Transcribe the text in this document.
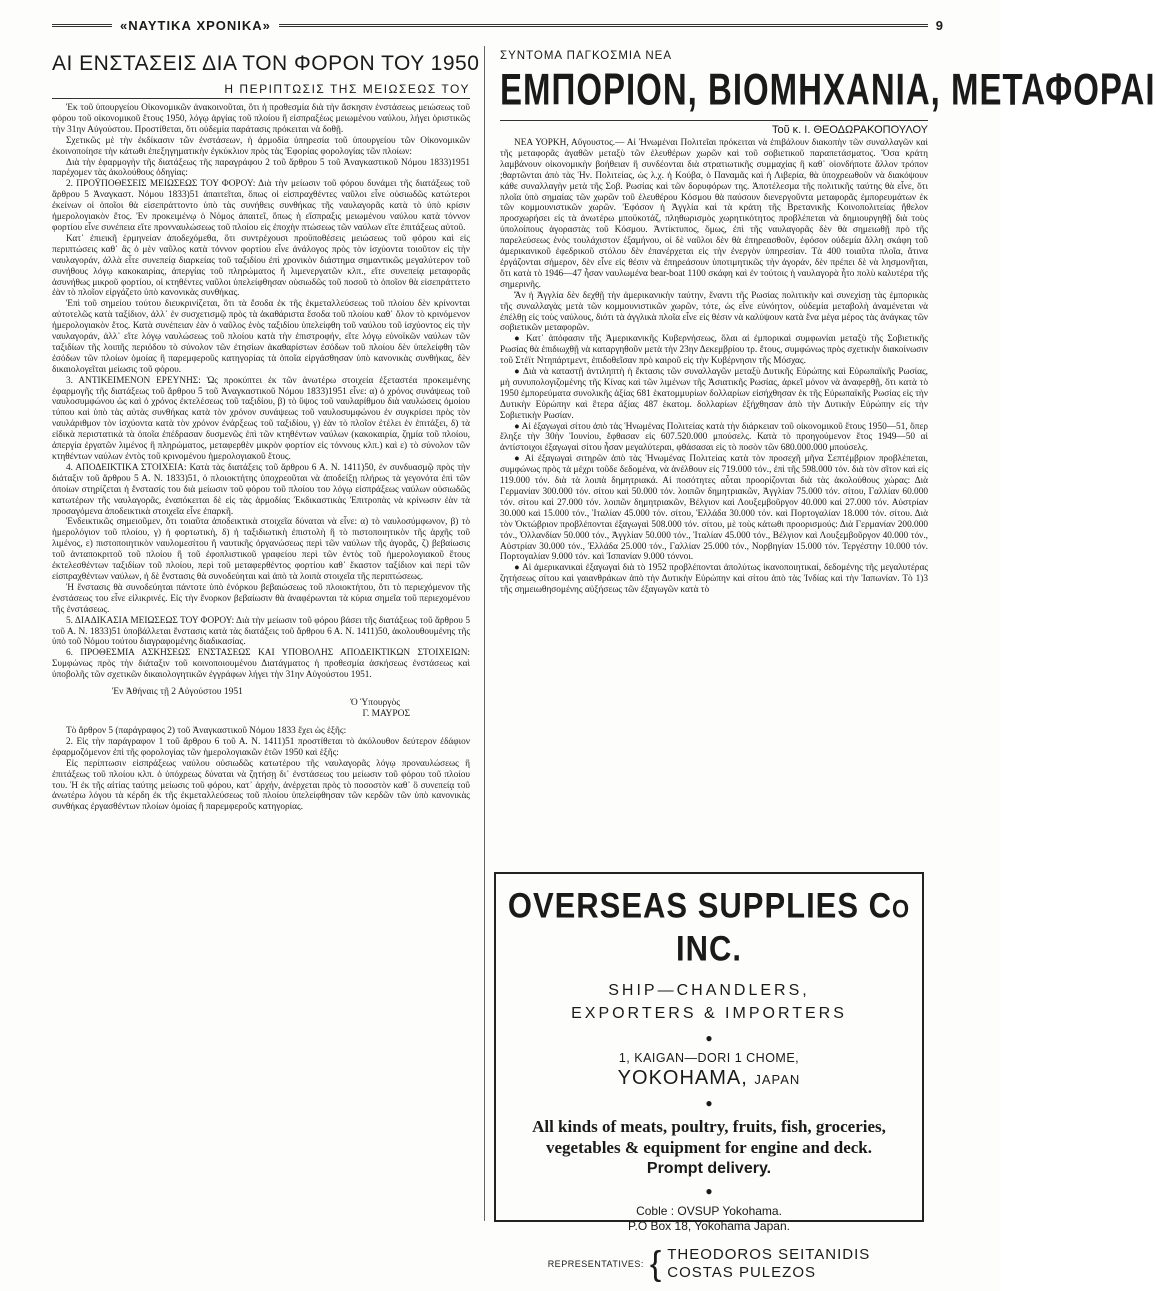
«ΝΑΥΤΙΚΑ ΧΡΟΝΙΚΑ»	9
ΑΙ ΕΝΣΤΑΣΕΙΣ ΔΙΑ ΤΟΝ ΦΟΡΟΝ ΤΟΥ 1950
Η ΠΕΡΙΠΤΩΣΙΣ ΤΗΣ ΜΕΙΩΣΕΩΣ ΤΟΥ

Ἐκ τοῦ ὑπουργείου Οἰκονομικῶν ἀνακοινοῦται, ὅτι ἡ προθεσμία διὰ τὴν ἄσκησιν ἐνστάσεως μειώσεως τοῦ φόρου τοῦ οἰκονομικοῦ ἔτους 1950, λόγῳ ἀργίας τοῦ πλοίου ἢ εἰσπραξέως μειωμένου ναύλου, λήγει ὁριστικῶς τὴν 31ην Αὐγούστου. Προστίθεται, ὅτι οὐδεμία παράτασις πρόκειται νὰ δοθῇ.

Σχετικῶς μὲ τὴν ἐκδίκασιν τῶν ἐνστάσεων, ἡ ἁρμοδία ὑπηρεσία τοῦ ὑπουργείου τῶν Οἰκονομικῶν ἐκοινοποίησε τὴν κάτωθι ἐπεξηγηματικὴν ἐγκύκλιον πρὸς τὰς Ἐφορίας φορολογίας τῶν πλοίων:

Διὰ τὴν ἐφαρμογὴν τῆς διατάξεως τῆς παραγράφου 2 τοῦ ἄρθρου 5 τοῦ Ἀναγκαστικοῦ Νόμου 1833)1951 παρέχομεν τὰς ἀκολούθους ὁδηγίας:

2. ΠΡΟΫΠΟΘΕΣΕΙΣ ΜΕΙΩΣΕΩΣ ΤΟΥ ΦΟΡΟΥ: Διὰ τὴν μείωσιν τοῦ φόρου δυνάμει τῆς διατάξεως τοῦ ἄρθρου 5 Ἀναγκαστ. Νόμου 1833)51 ἀπαιτεῖται, ὅπως οἱ εἰσπραχθέντες ναῦλοι εἶνε οὐσιωδῶς κατώτεροι ἐκείνων οἱ ὁποῖοι θὰ εἰσεπράττοντο ὑπὸ τὰς συνήθεις συνθήκας τῆς ναυλαγορᾶς κατὰ τὸ ὑπὸ κρίσιν ἡμερολογιακὸν ἔτος. Ἐν προκειμένῳ ὁ Νόμος ἀπαιτεῖ, ὅπως ἡ εἴσπραξις μειωμένου ναύλου κατὰ τόννον φορτίου εἶνε συνέπεια εἴτε προνναυλώσεως τοῦ πλοίου εἰς ἐποχὴν πτώσεως τῶν ναύλων εἴτε ἐπιτάξεως αὐτοῦ.

Κατ᾽ ἐπιεικῆ ἑρμηνείαν ἀποδεχόμεθα, ὅτι συντρέχουσι προϋποθέσεις μειώσεως τοῦ φόρου καὶ εἰς περιπτώσεις καθ᾽ ἃς ὁ μὲν ναῦλος κατὰ τόννον φορτίου εἶνε ἀνάλογος πρὸς τὸν ἰσχύοντα τοιοῦτον εἰς τὴν ναυλαγοράν, ἀλλὰ εἶτε συνεπείᾳ διαρκείας τοῦ ταξιδίου ἐπὶ χρονικὸν διάστημα σημαντικῶς μεγαλύτερον τοῦ συνήθους λόγῳ κακοκαιρίας, ἀπεργίας τοῦ πληρώματος ἢ λιμενεργατῶν κλπ., εἴτε συνεπείᾳ μεταφορᾶς ἀσυνήθως μικροῦ φορτίου, οἱ κτηθέντες ναῦλοι ὑπελείφθησαν οὐσιωδῶς τοῦ ποσοῦ τὸ ὁποῖον θὰ εἰσεπράττετο ἐὰν τὸ πλοῖον εἰργάζετο ὑπὸ κανονικὰς συνθήκας.

Ἐπὶ τοῦ σημείου τούτου διευκρινίζεται, ὅτι τὰ ἔσοδα ἐκ τῆς ἐκμεταλλεύσεως τοῦ πλοίου δὲν κρίνονται αὐτοτελῶς κατὰ ταξίδιον, ἀλλ᾽ ἐν συσχετισμῷ πρὸς τὰ ἀκαθάριστα ἔσοδα τοῦ πλοίου καθ᾽ ὅλον τὸ κρινόμενον ἡμερολογιακὸν ἔτος. Κατὰ συνέπειαν ἐὰν ὁ ναῦλος ἑνὸς ταξιδίου ὑπελείφθη τοῦ ναύλου τοῦ ἰσχύοντος εἰς τὴν ναυλαγοράν, ἀλλ᾽ εἴτε λόγῳ ναυλώσεως τοῦ πλοίου κατὰ τὴν ἐπιστροφήν, εἴτε λόγῳ εὐνοϊκῶν ναύλων τῶν ταξιδίων τῆς λοιπῆς περιόδου τὸ σύνολον τῶν ἐτησίων ἀκαθαρίστων ἐσόδων τοῦ πλοίου δὲν ὑπελείφθη τῶν ἐσόδων τῶν πλοίων ὁμοίας ἢ παρεμφεροῦς κατηγορίας τὰ ὁποῖα εἰργάσθησαν ὑπὸ κανονικὰς συνθήκας, δὲν δικαιολογεῖται μείωσις τοῦ φόρου.

3. ΑΝΤΙΚΕΙΜΕΝΟΝ ΕΡΕΥΝΗΣ: Ὡς προκύπτει ἐκ τῶν ἀνωτέρω στοιχεία ἐξεταστέα προκειμένης ἐφαρμογῆς τῆς διατάξεως τοῦ ἄρθρου 5 τοῦ Ἀναγκαστικοῦ Νόμου 1833)1951 εἶνε: α) ὁ χρόνος συνάψεως τοῦ ναυλοσυμφώνου ὡς καὶ ὁ χρόνος ἐκτελέσεως τοῦ ταξιδίου, β) τὸ ὕψος τοῦ ναυλαρίθμου διὰ ναυλώσεις ὁμοίου τύπου καὶ ὑπὸ τὰς αὐτὰς συνθήκας κατὰ τὸν χρόνον συνάψεως τοῦ ναυλοσυμφώνου ἐν συγκρίσει πρὸς τὸν ναυλάριθμον τὸν ἰσχύοντα κατὰ τὸν χρόνον ἐνάρξεως τοῦ ταξιδίου, γ) ἐὰν τὸ πλοῖον ἐτέλει ἐν ἐπιτάξει, δ) τὰ εἰδικὰ περιστατικὰ τὰ ὁποῖα ἐπέδρασαν δυσμενῶς ἐπὶ τῶν κτηθέντων ναύλων (κακοκαιρία, ζημία τοῦ πλοίου, ἀπεργία ἐργατῶν λιμένος ἢ πληρώματος, μεταφερθὲν μικρὸν φορτίον εἰς τόννους κλπ.) καὶ ε) τὸ σύνολον τῶν κτηθέντων ναύλων ἐντὸς τοῦ κρινομένου ἡμερολογιακοῦ ἔτους.

4. ΑΠΟΔΕΙΚΤΙΚΑ ΣΤΟΙΧΕΙΑ: Κατὰ τὰς διατάξεις τοῦ ἄρθρου 6 Α. Ν. 1411)50, ἐν συνδυασμῷ πρὸς τὴν διάταξιν τοῦ ἄρθρου 5 Α. Ν. 1833)51, ὁ πλοιοκτήτης ὑποχρεοῦται νὰ ἀποδείξῃ πλήρως τὰ γεγονότα ἐπὶ τῶν ὁποίων στηρίζεται ἡ ἔνστασίς του διὰ μείωσιν τοῦ φόρου τοῦ πλοίου του λόγῳ εἰσπράξεως ναύλων οὐσιωδῶς κατωτέρων τῆς ναυλαγορᾶς, ἐναπόκειται δὲ εἰς τὰς ἁρμοδίας Ἐκδικαστικὰς Ἐπιτροπὰς νὰ κρίνωσιν ἐὰν τὰ προσαγόμενα ἀποδεικτικὰ στοιχεῖα εἶνε ἐπαρκῆ.

Ἐνδεικτικῶς σημειοῦμεν, ὅτι τοιαῦτα ἀποδεικτικὰ στοιχεῖα δύναται νὰ εἶνε: α) τὸ ναυλοσύμφωνον, β) τὸ ἡμερολόγιον τοῦ πλοίου, γ) ἡ φορτωτικὴ, δ) ἡ ταξιδιωτικὴ ἐπιστολὴ ἢ τὸ πιστοποιητικὸν τῆς ἀρχῆς τοῦ λιμένος, ε) πιστοποιητικὸν ναυλομεσίτου ἢ ναυτικῆς ὀργανώσεως περὶ τῶν ναύλων τῆς ἀγορᾶς, ζ) βεβαίωσις τοῦ ἀνταποκριτοῦ τοῦ πλοίου ἢ τοῦ ἐφοπλιστικοῦ γραφείου περὶ τῶν ἐντὸς τοῦ ἡμερολογιακοῦ ἔτους ἐκτελεσθέντων ταξιδίων τοῦ πλοίου, περὶ τοῦ μεταφερθέντος φορτίου καθ᾽ ἕκαστον ταξίδιον καὶ περὶ τῶν εἰσπραχθέντων ναύλων, ἡ δὲ ἔνστασις θὰ συνοδεύηται καὶ ἀπὸ τὰ λοιπὰ στοιχεῖα τῆς περιπτώσεως.

Ἡ ἔνστασις θὰ συνοδεύηται πάντοτε ὑπὸ ἐνόρκου βεβαιώσεως τοῦ πλοιοκτήτου, ὅτι τὸ περιεχόμενον τῆς ἐνστάσεως του εἶνε εἰλικρινές. Εἰς τὴν ἔνορκον βεβαίωσιν θὰ ἀναφέρωνται τὰ κύρια σημεῖα τοῦ περιεχομένου τῆς ἐνστάσεως.

5. ΔΙΑΔΙΚΑΣΙΑ ΜΕΙΩΣΕΩΣ ΤΟΥ ΦΟΡΟΥ: Διὰ τὴν μείωσιν τοῦ φόρου βάσει τῆς διατάξεως τοῦ ἄρθρου 5 τοῦ Α. Ν. 1833)51 ὑποβάλλεται ἔνστασις κατὰ τὰς διατάξεις τοῦ ἄρθρου 6 Α. Ν. 1411)50, ἀκολουθουμένης τῆς ὑπὸ τοῦ Νόμου τούτου διαγραφομένης διαδικασίας.

6. ΠΡΟΘΕΣΜΙΑ ΑΣΚΗΣΕΩΣ ΕΝΣΤΑΣΕΩΣ ΚΑΙ ΥΠΟΒΟΛΗΣ ΑΠΟΔΕΙΚΤΙΚΩΝ ΣΤΟΙΧΕΙΩΝ: Συμφώνως πρὸς τὴν διάταξιν τοῦ κοινοποιουμένου Διατάγματος ἡ προθεσμία ἀσκήσεως ἐνστάσεως καὶ ὑποβολῆς τῶν σχετικῶν δικαιολογητικῶν ἐγγράφων λήγει τὴν 31ην Αὐγούστου 1951.

Ἐν Ἀθήναις τῇ 2 Αὐγούστου 1951
Ὁ Ὑπουργὸς
Γ. ΜΑΥΡΟΣ

Τὸ ἄρθρον 5 (παράγραφος 2) τοῦ Ἀναγκαστικοῦ Νόμου 1833 ἔχει ὡς ἑξῆς:

2. Εἰς τὴν παράγραφον 1 τοῦ ἄρθρου 6 τοῦ Α. Ν. 1411)51 προστίθεται τὸ ἀκόλουθον δεύτερον ἐδάφιον ἐφαρμοζόμενον ἐπὶ τῆς φορολογίας τῶν ἡμερολογιακῶν ἐτῶν 1950 καὶ ἑξῆς:

Εἰς περίπτωσιν εἰσπράξεως ναύλου οὐσιωδῶς κατωτέρου τῆς ναυλαγορᾶς λόγῳ προναυλώσεως ἢ ἐπιτάξεως τοῦ πλοίου κλπ. ὁ ὑπόχρεως δύναται νὰ ζητήσῃ δι᾽ ἐνστάσεως του μείωσιν τοῦ φόρου τοῦ πλοίου του. Ἡ ἐκ τῆς αἰτίας ταύτης μείωσις τοῦ φόρου, κατ᾽ ἀρχήν, ἀνέρχεται πρὸς τὸ ποσοστὸν καθ᾽ ὃ συνεπείᾳ τοῦ ἀνωτέρω λόγου τὰ κέρδη ἐκ τῆς ἐκμεταλλεύσεως τοῦ πλοίου ὑπελείφθησαν τῶν κερδῶν τῶν ὑπὸ κανονικὰς συνθήκας ἐργασθέντων πλοίων ὁμοίας ἢ παρεμφεροῦς κατηγορίας.

ΣΥΝΤΟΜΑ ΠΑΓΚΟΣΜΙΑ ΝΕΑ
ΕΜΠΟΡΙΟΝ, ΒΙΟΜΗΧΑΝΙΑ, ΜΕΤΑΦΟΡΑΙ
Τοῦ κ. Ι. ΘΕΟΔΩΡΑΚΟΠΟΥΛΟΥ

ΝΕΑ ΥΟΡΚΗ, Αὔγουστος.— Αἱ Ἡνωμέναι Πολιτεῖαι πρόκειται νὰ ἐπιβάλουν διακοπὴν τῶν συναλλαγῶν καὶ τῆς μεταφορᾶς ἀγαθῶν μεταξὺ τῶν ἐλευθέρων χωρῶν καὶ τοῦ σοβιετικοῦ παραπετάσματος. Ὅσα κράτη λαμβάνουν οἰκονομικὴν βοήθειαν ἢ συνδέονται διὰ στρατιωτικῆς συμμαχίας ἢ καθ᾽ οἱονδήποτε ἄλλον τρόπον ;θαρτῶνται ἀπὸ τὰς Ἡν. Πολιτείας, ὡς λ.χ. ἡ Κούβα, ὁ Παναμᾶς καὶ ἡ Λιβερία, θὰ ὑποχρεωθοῦν νὰ διακόψουν κάθε συναλλαγὴν μετὰ τῆς Σοβ. Ρωσίας καὶ τῶν δορυφόρων της. Ἀποτέλεσμα τῆς πολιτικῆς ταύτης θὰ εἶνε, ὅτι πλοῖα ὑπὸ σημαίας τῶν χωρῶν τοῦ ἐλευθέρου Κόσμου θὰ παύσουν διενεργοῦντα μεταφορᾶς ἐμπορευμάτων ἐκ τῶν κομμουνιστικῶν χωρῶν. Ἐφόσον ἡ Ἀγγλία καὶ τὰ κράτη τῆς Βρετανικῆς Κοινοπολιτείας ἤθελον προσχωρήσει εἰς τὰ ἀνωτέρω μποϋκοτάζ, πληθωρισμὸς χωρητικότητος προβλέπεται νὰ δημιουργηθῇ διὰ τοὺς ὑπολοίπους ἀγοραστὰς τοῦ Κόσμου. Ἀντίκτυπος, ὅμως, ἐπὶ τῆς ναυλαγορᾶς δὲν θὰ σημειωθῇ πρὸ τῆς παρελεύσεως ἑνὸς τουλάχιστον ἑξαμήνου, οἱ δὲ ναῦλοι δὲν θὰ ἐπηρεασθοῦν, ἐφόσον οὐδεμία ἄλλη σκάφη τοῦ ἀμερικανικοῦ ἐφεδρικοῦ στόλου δὲν ἐπανέρχεται εἰς τὴν ἐνεργὸν ὑπηρεσίαν. Τὰ 400 τοιαῦτα πλοῖα, ἄτινα ἐργάζονται σήμερον, δὲν εἶνε εἰς θέσιν νὰ ἐπηρεάσουν ὑποτιμητικῶς τὴν ἀγοράν, δὲν πρέπει δὲ νὰ λησμονῆται, ὅτι κατὰ τὸ 1946—47 ἦσαν ναυλωμένα bear-boat 1100 σκάφη καὶ ἐν τούτοις ἡ ναυλαγορὰ ἦτο πολὺ καλυτέρα τῆς σημερινῆς.

Ἄν ἡ Ἀγγλία δὲν δεχθῇ τὴν ἀμερικανικὴν ταύτην, ἔναντι τῆς Ρωσίας πολιτικὴν καὶ συνεχίσῃ τὰς ἐμπορικὰς τῆς συναλλαγὰς μετὰ τῶν κομμουνιστικῶν χωρῶν, τότε, ὡς εἶνε εὐνόητον, οὐδεμία μεταβολὴ ἀναμένεται νὰ ἐπέλθῃ εἰς τοὺς ναύλους, διότι τὰ ἀγγλικὰ πλοῖα εἶνε εἰς θέσιν νὰ καλύψουν κατὰ ἕνα μέγα μέρος τὰς ἀνάγκας τῶν σοβιετικῶν μεταφορῶν.

● Κατ᾽ ἀπόφασιν τῆς Ἀμερικανικῆς Κυβερνήσεως, ὅλαι αἱ ἐμπορικαὶ συμφωνίαι μεταξὺ τῆς Σοβιετικῆς Ρωσίας θὰ ἐπιδιωχθῇ νὰ καταργηθοῦν μετὰ τὴν 23ην Δεκεμβρίου τρ. ἔτους, συμφώνως πρὸς σχετικὴν διακοίνωσιν τοῦ Στέϊτ Ντηπάρτμεντ, ἐπιδοθεῖσαν πρὸ καιροῦ εἰς τὴν Κυβέρνησιν τῆς Μόσχας.

● Διὰ νὰ καταστῇ ἀντιληπτὴ ἡ ἔκτασις τῶν συναλλαγῶν μεταξὺ Δυτικῆς Εὐρώπης καὶ Εὐρωπαϊκῆς Ρωσίας, μὴ συνυπολογιζομένης τῆς Κίνας καὶ τῶν λιμένων τῆς Ἀσιατικῆς Ρωσίας, ἀρκεῖ μόνον νὰ ἀναφερθῇ, ὅτι κατὰ τὸ 1950 ἐμπορεύματα συνολικῆς ἀξίας 681 ἑκατομμυρίων δολλαρίων εἰσήχθησαν ἐκ τῆς Εὐρωπαϊκῆς Ρωσίας εἰς τὴν Δυτικὴν Εὐρώπην καὶ ἕτερα ἀξίας 487 ἑκατομ. δολλαρίων ἐξήχθησαν ἀπὸ τὴν Δυτικὴν Εὐρώπην εἰς τὴν Σοβιετικὴν Ρωσίαν.

● Αἱ ἐξαγωγαὶ σίτου ἀπὸ τὰς Ἡνωμένας Πολιτείας κατὰ τὴν διάρκειαν τοῦ οἰκονομικοῦ ἔτους 1950—51, ὅπερ ἔληξε τὴν 30ὴν Ἰουνίου, ἔφθασαν εἰς 607.520.000 μπούσελς. Κατὰ τὸ προηγούμενον ἔτος 1949—50 αἱ ἀντίστοιχοι ἐξαγωγαὶ σίτου ἦσαν μεγαλύτεραι, φθάσασαι εἰς τὸ ποσὸν τῶν 680.000.000 μπούσελς.

● Αἱ ἐξαγωγαὶ σιτηρῶν ἀπὸ τὰς Ἡνωμένας Πολιτείας κατὰ τὸν προσεχῆ μῆνα Σεπτέμβριον προβλέπεται, συμφώνως πρὸς τὰ μέχρι τοῦδε δεδομένα, νὰ ἀνέλθουν εἰς 719.000 τόν., ἐπὶ τῆς 598.000 τόν. διὰ τὸν σῖτον καὶ εἰς 119.000 τόν. διὰ τὰ λοιπὰ δημητριακά. Αἱ ποσότητες αὗται προορίζονται διὰ τὰς ἀκολούθους χώρας: Διὰ Γερμανίαν 300.000 τόν. σίτου καὶ 50.000 τόν. λοιπῶν δημητριακῶν, Ἀγγλίαν 75.000 τόν. σίτου, Γαλλίαν 60.000 τόν. σίτου καὶ 27.000 τόν. λοιπῶν δημητριακῶν, Βέλγιον καὶ Λουξεμβοῦργον 40.000 καὶ 27.000 τόν. Αὐστρίαν 30.000 καὶ 15.000 τόν., Ἰταλίαν 45.000 τόν. σίτου, Ἑλλάδα 30.000 τόν. καὶ Πορτογαλίαν 18.000 τόν. σίτου. Διὰ τὸν Ὀκτώβριον προβλέπονται ἐξαγωγαὶ 508.000 τόν. σίτου, μὲ τοὺς κάτωθι προορισμούς: Διὰ Γερμανίαν 200.000 τόν., Ὀλλανδίαν 50.000 τόν., Ἀγγλίαν 50.000 τόν., Ἰταλίαν 45.000 τόν., Βέλγιον καὶ Λουξεμβοῦργον 40.000 τόν., Αὐστρίαν 30.000 τόν., Ἑλλάδα 25.000 τόν., Γαλλίαν 25.000 τόν., Νορβηγίαν 15.000 τόν. Τεργέστην 10.000 τόν. Πορτογαλίαν 9.000 τόν. καὶ Ἰσπανίαν 9.000 τόννοι.

● Αἱ ἀμερικανικαὶ ἐξαγωγαὶ διὰ τὸ 1952 προβλέπονται ἀπολύτως ἱκανοποιητικαί, δεδομένης τῆς μεγαλυτέρας ζητήσεως σίτου καὶ γαιανθράκων ἀπὸ τὴν Δυτικὴν Εὐρώπην καὶ σίτου ἀπὸ τὰς Ἰνδίας καὶ τὴν Ἰαπωνίαν. Τὸ 1)3 τῆς σημειωθησομένης αὐξήσεως τῶν ἐξαγωγῶν κατὰ τὸ

OVERSEAS SUPPLIES CO INC.
SHIP—CHANDLERS,
EXPORTERS & IMPORTERS
●
1, KAIGAN—DORI 1 CHOME,
YOKOHAMA, JAPAN
●
All kinds of meats, poultry, fruits, fish, groceries, vegetables & equipment for engine and deck.
Prompt delivery.
●
Coble : OVSUP Yokohama.
P.O Box 18, Yokohama Japan.
REPRESENTATIVES: { THEODOROS SEITANIDIS
COSTAS PULEZOS
